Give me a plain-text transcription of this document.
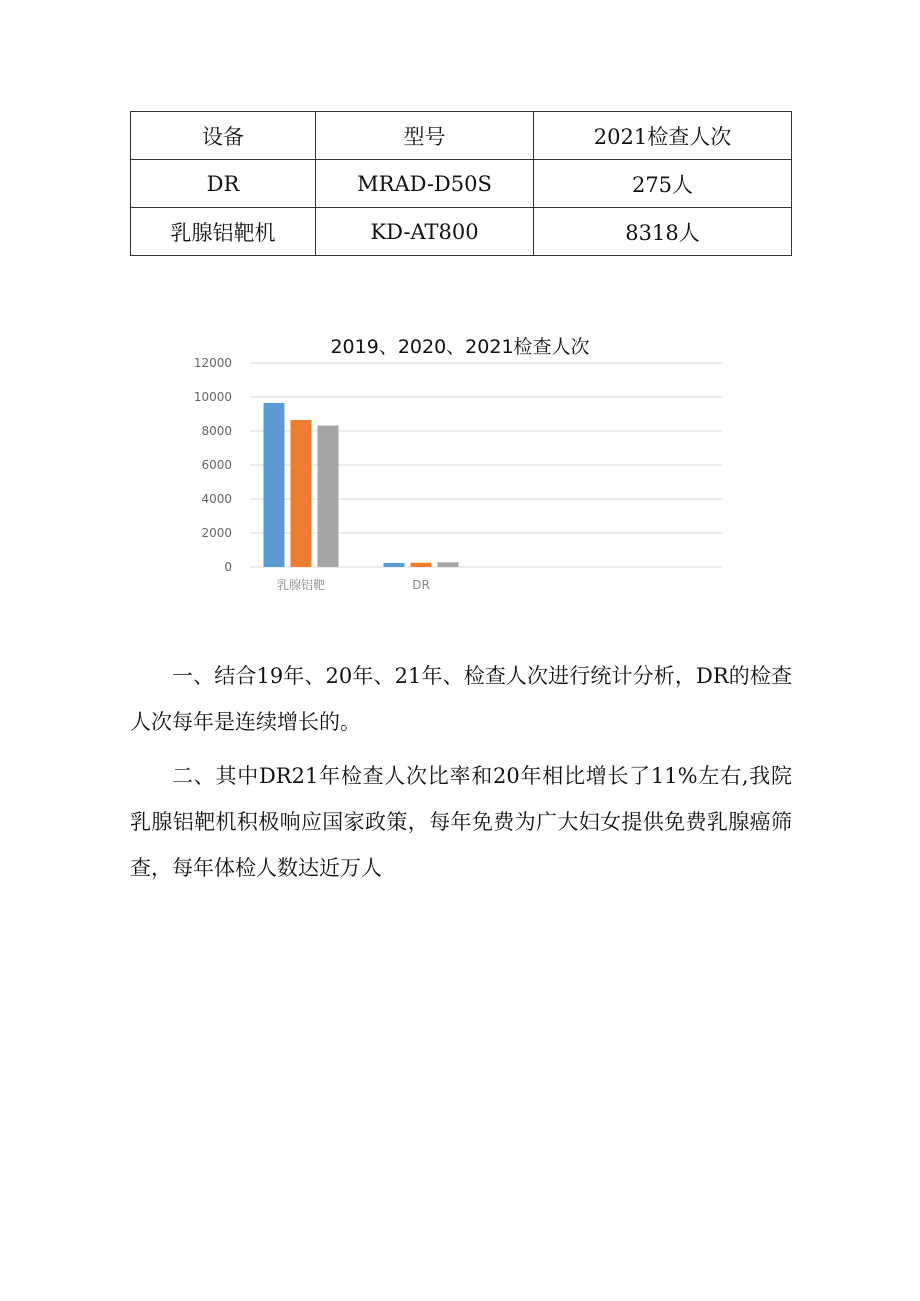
设备	型号	2021检查人次
DR	MRAD-D50S	275人
乳腺铝靶机	KD-AT800	8318人
2019、2020、2021检查人次
0
2000
4000
6000
8000
10000
12000
乳腺铝靶	DR

一、结合19年、20年、21年、检查人次进行统计分析，DR的检查人次每年是连续增长的。

二、其中DR21年检查人次比率和20年相比增长了11%左右,我院乳腺铝靶机积极响应国家政策，每年免费为广大妇女提供免费乳腺癌筛查，每年体检人数达近万人
